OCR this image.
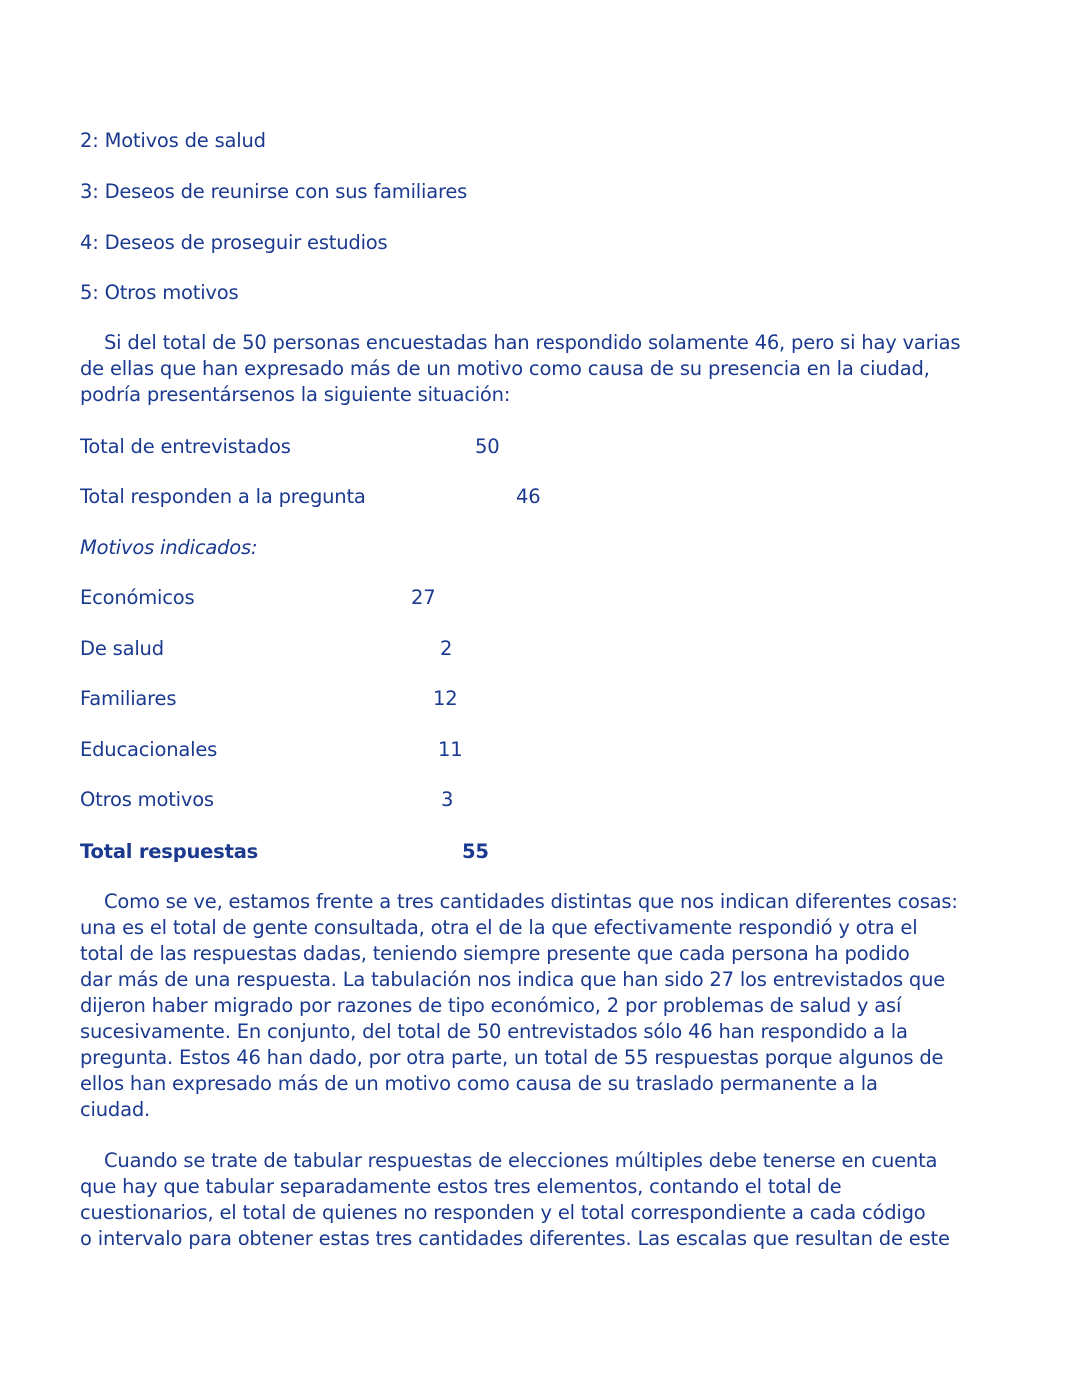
2: Motivos de salud
3: Deseos de reunirse con sus familiares
4: Deseos de proseguir estudios
5: Otros motivos
Si del total de 50 personas encuestadas han respondido solamente 46, pero si hay varias
de ellas que han expresado más de un motivo como causa de su presencia en la ciudad,
podría presentársenos la siguiente situación:
Total de entrevistados	50
Total responden a la pregunta	46
Motivos indicados:
Económicos	27
De salud	2
Familiares	12
Educacionales	11
Otros motivos	3
Total respuestas	55
Como se ve, estamos frente a tres cantidades distintas que nos indican diferentes cosas:
una es el total de gente consultada, otra el de la que efectivamente respondió y otra el
total de las respuestas dadas, teniendo siempre presente que cada persona ha podido
dar más de una respuesta. La tabulación nos indica que han sido 27 los entrevistados que
dijeron haber migrado por razones de tipo económico, 2 por problemas de salud y así
sucesivamente. En conjunto, del total de 50 entrevistados sólo 46 han respondido a la
pregunta. Estos 46 han dado, por otra parte, un total de 55 respuestas porque algunos de
ellos han expresado más de un motivo como causa de su traslado permanente a la
ciudad.
Cuando se trate de tabular respuestas de elecciones múltiples debe tenerse en cuenta
que hay que tabular separadamente estos tres elementos, contando el total de
cuestionarios, el total de quienes no responden y el total correspondiente a cada código
o intervalo para obtener estas tres cantidades diferentes. Las escalas que resultan de este
